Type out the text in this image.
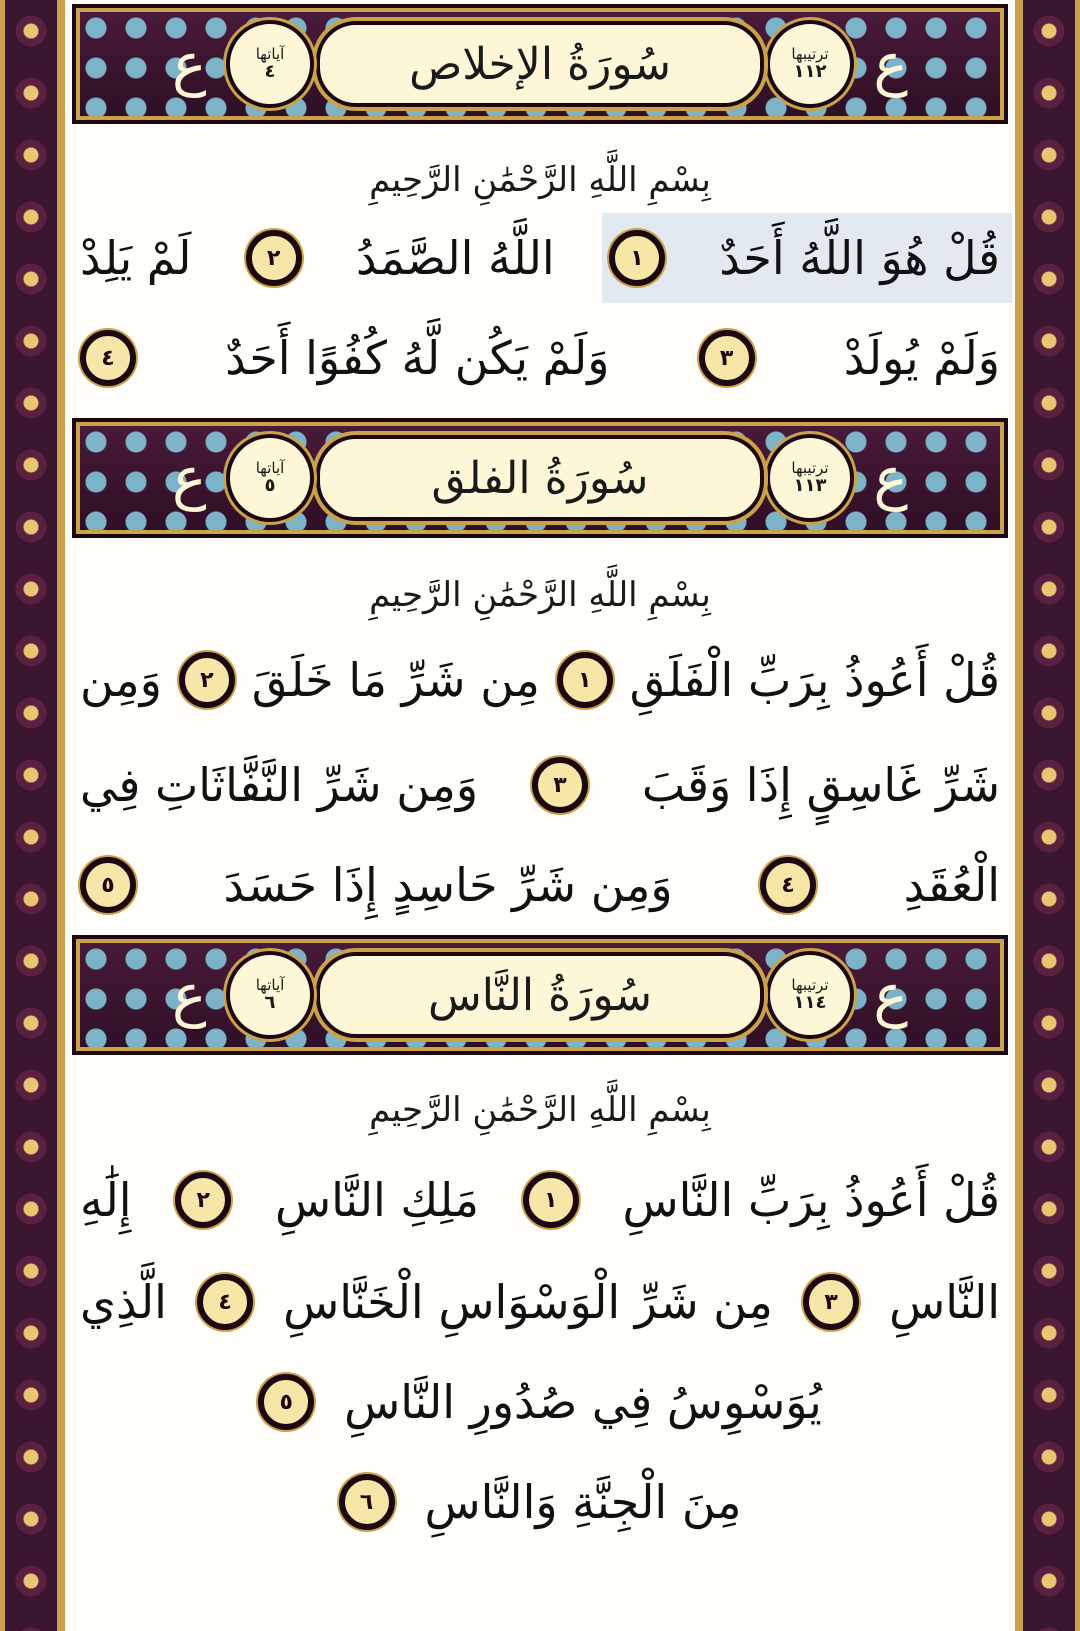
ع
ع	ترتيبها
١١٢
سُورَةُ الإخلاص
آياتها
٤
بِسْمِ اللَّهِ الرَّحْمَٰنِ الرَّحِيمِ
قُلْ هُوَ اللَّهُ أَحَدٌ
١
اللَّهُ الصَّمَدُ
٢
لَمْ يَلِدْ
وَلَمْ يُولَدْ
٣
وَلَمْ يَكُن لَّهُ كُفُوًا أَحَدٌ
٤
ع
ع	ترتيبها
١١٣
سُورَةُ الفلق
آياتها
٥
بِسْمِ اللَّهِ الرَّحْمَٰنِ الرَّحِيمِ
قُلْ أَعُوذُ بِرَبِّ الْفَلَقِ
١
مِن شَرِّ مَا خَلَقَ
٢
وَمِن
شَرِّ غَاسِقٍ إِذَا وَقَبَ
٣
وَمِن شَرِّ النَّفَّاثَاتِ فِي
الْعُقَدِ
٤
وَمِن شَرِّ حَاسِدٍ إِذَا حَسَدَ
٥
ع
ع	ترتيبها
١١٤
سُورَةُ النَّاس
آياتها
٦
بِسْمِ اللَّهِ الرَّحْمَٰنِ الرَّحِيمِ
قُلْ أَعُوذُ بِرَبِّ النَّاسِ
١
مَلِكِ النَّاسِ
٢
إِلَٰهِ
النَّاسِ
٣
مِن شَرِّ الْوَسْوَاسِ الْخَنَّاسِ
٤
الَّذِي
يُوَسْوِسُ فِي صُدُورِ النَّاسِ
٥
مِنَ الْجِنَّةِ وَالنَّاسِ
٦
